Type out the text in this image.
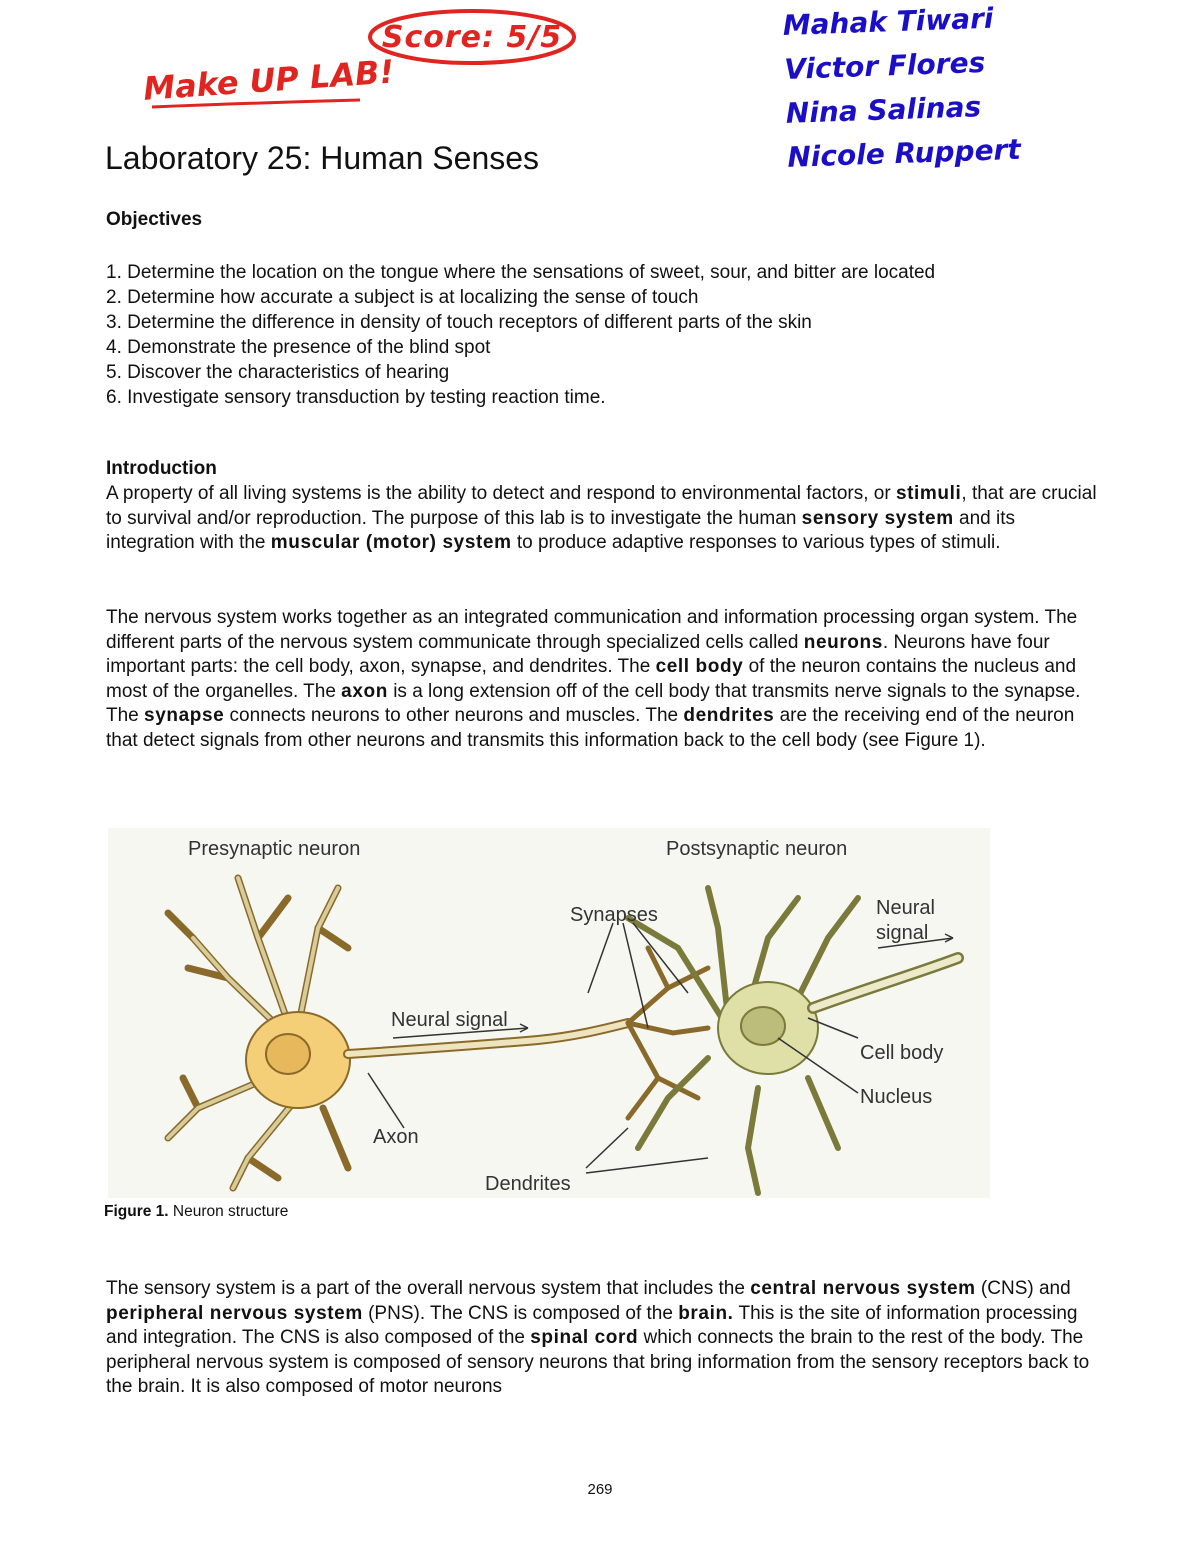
Score: 5/5
Make UP LAB!
Mahak Tiwari
Victor Flores
Nina Salinas
Nicole Ruppert
Laboratory 25: Human Senses
Objectives
1. Determine the location on the tongue where the sensations of sweet, sour, and bitter are located
2. Determine how accurate a subject is at localizing the sense of touch
3. Determine the difference in density of touch receptors of different parts of the skin
4. Demonstrate the presence of the blind spot
5. Discover the characteristics of hearing
6. Investigate sensory transduction by testing reaction time.
Introduction

A property of all living systems is the ability to detect and respond to environmental factors, or stimuli, that are crucial to survival and/or reproduction. The purpose of this lab is to investigate the human sensory system and its integration with the muscular (motor) system to produce adaptive responses to various types of stimuli.

The nervous system works together as an integrated communication and information processing organ system. The different parts of the nervous system communicate through specialized cells called neurons. Neurons have four important parts: the cell body, axon, synapse, and dendrites. The cell body of the neuron contains the nucleus and most of the organelles. The axon is a long extension off of the cell body that transmits nerve signals to the synapse. The synapse connects neurons to other neurons and muscles. The dendrites are the receiving end of the neuron that detect signals from other neurons and transmits this information back to the cell body (see Figure 1).

Presynaptic neuron	Postsynaptic neuron
Synapses	Neural
signal
Neural signal
Cell body
Nucleus
Axon
Dendrites
Figure 1. Neuron structure

The sensory system is a part of the overall nervous system that includes the central nervous system (CNS) and peripheral nervous system (PNS). The CNS is composed of the brain. This is the site of information processing and integration. The CNS is also composed of the spinal cord which connects the brain to the rest of the body. The peripheral nervous system is composed of sensory neurons that bring information from the sensory receptors back to the brain. It is also composed of motor neurons

269
